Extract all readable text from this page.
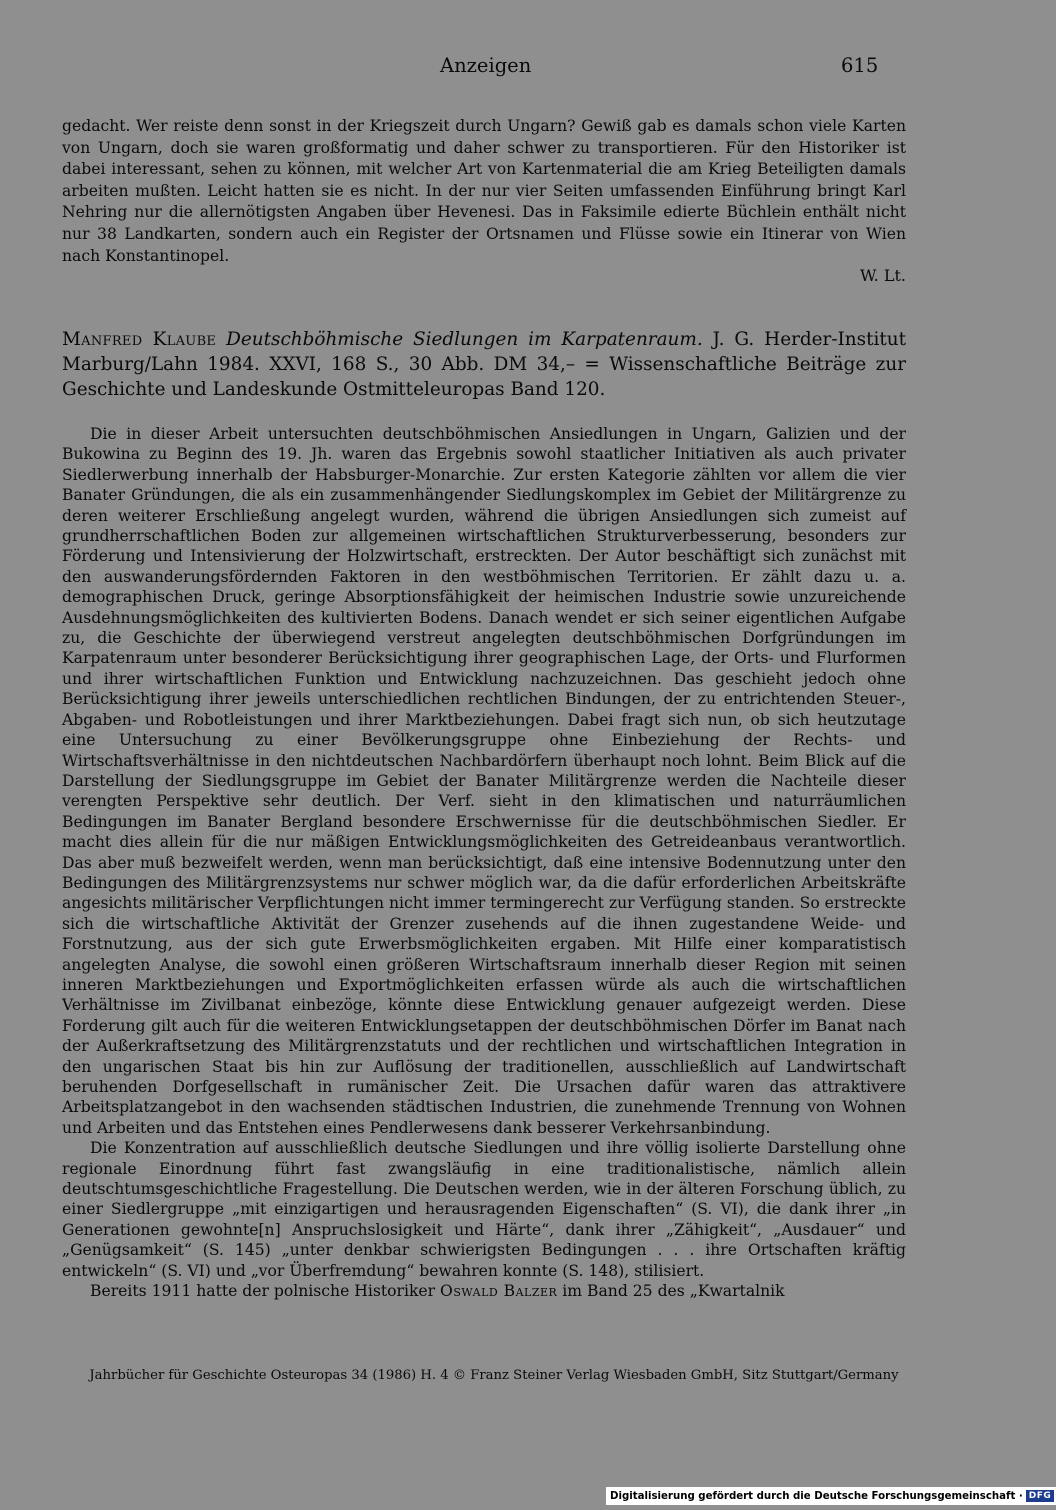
Anzeigen	615

gedacht. Wer reiste denn sonst in der Kriegszeit durch Ungarn? Gewiß gab es damals schon viele Karten von Ungarn, doch sie waren großformatig und daher schwer zu transportieren. Für den Historiker ist dabei interessant, sehen zu können, mit welcher Art von Kartenmaterial die am Krieg Beteiligten damals arbeiten mußten. Leicht hatten sie es nicht. In der nur vier Seiten umfassenden Einführung bringt Karl Nehring nur die allernötigsten Angaben über Hevenesi. Das in Faksimile edierte Büchlein enthält nicht nur 38 Landkarten, sondern auch ein Register der Ortsnamen und Flüsse sowie ein Itinerar von Wien nach Konstantinopel.

W. Lt.
Manfred Klaube Deutschböhmische Siedlungen im Karpatenraum. J. G. Herder-Institut Marburg/Lahn 1984. XXVI, 168 S., 30 Abb. DM 34,– = Wissenschaftliche Beiträge zur Geschichte und Landeskunde Ostmitteleuropas Band 120.

Die in dieser Arbeit untersuchten deutschböhmischen Ansiedlungen in Ungarn, Galizien und der Bukowina zu Beginn des 19. Jh. waren das Ergebnis sowohl staatlicher Initiativen als auch privater Siedlerwerbung innerhalb der Habsburger-Monarchie. Zur ersten Kategorie zählten vor allem die vier Banater Gründungen, die als ein zusammenhängender Siedlungskomplex im Gebiet der Militärgrenze zu deren weiterer Erschließung angelegt wurden, während die übrigen Ansiedlungen sich zumeist auf grundherrschaftlichen Boden zur allgemeinen wirtschaftlichen Strukturverbesserung, besonders zur Förderung und Intensivierung der Holzwirtschaft, erstreckten. Der Autor beschäftigt sich zunächst mit den auswanderungsfördernden Faktoren in den westböhmischen Territorien. Er zählt dazu u. a. demographischen Druck, geringe Absorptionsfähigkeit der heimischen Industrie sowie unzureichende Ausdehnungsmöglichkeiten des kultivierten Bodens. Danach wendet er sich seiner eigentlichen Aufgabe zu, die Geschichte der überwiegend verstreut angelegten deutschböhmischen Dorfgründungen im Karpatenraum unter besonderer Berücksichtigung ihrer geographischen Lage, der Orts- und Flurformen und ihrer wirtschaftlichen Funktion und Entwicklung nachzuzeichnen. Das geschieht jedoch ohne Berücksichtigung ihrer jeweils unterschiedlichen rechtlichen Bindungen, der zu entrichtenden Steuer-, Abgaben- und Robotleistungen und ihrer Marktbeziehungen. Dabei fragt sich nun, ob sich heutzutage eine Untersuchung zu einer Bevölkerungsgruppe ohne Einbeziehung der Rechts- und Wirtschaftsverhältnisse in den nichtdeutschen Nachbardörfern überhaupt noch lohnt. Beim Blick auf die Darstellung der Siedlungsgruppe im Gebiet der Banater Militärgrenze werden die Nachteile dieser verengten Perspektive sehr deutlich. Der Verf. sieht in den klimatischen und naturräumlichen Bedingungen im Banater Bergland besondere Erschwernisse für die deutschböhmischen Siedler. Er macht dies allein für die nur mäßigen Entwicklungsmöglichkeiten des Getreideanbaus verantwortlich. Das aber muß bezweifelt werden, wenn man berücksichtigt, daß eine intensive Bodennutzung unter den Bedingungen des Militärgrenzsystems nur schwer möglich war, da die dafür erforderlichen Arbeitskräfte angesichts militärischer Verpflichtungen nicht immer termingerecht zur Verfügung standen. So erstreckte sich die wirtschaftliche Aktivität der Grenzer zusehends auf die ihnen zugestandene Weide- und Forstnutzung, aus der sich gute Erwerbsmöglichkeiten ergaben. Mit Hilfe einer komparatistisch angelegten Analyse, die sowohl einen größeren Wirtschaftsraum innerhalb dieser Region mit seinen inneren Marktbeziehungen und Exportmöglichkeiten erfassen würde als auch die wirtschaftlichen Verhältnisse im Zivilbanat einbezöge, könnte diese Entwicklung genauer aufgezeigt werden. Diese Forderung gilt auch für die weiteren Entwicklungsetappen der deutschböhmischen Dörfer im Banat nach der Außerkraftsetzung des Militärgrenzstatuts und der rechtlichen und wirtschaftlichen Integration in den ungarischen Staat bis hin zur Auflösung der traditionellen, ausschließlich auf Landwirtschaft beruhenden Dorfgesellschaft in rumänischer Zeit. Die Ursachen dafür waren das attraktivere Arbeitsplatzangebot in den wachsenden städtischen Industrien, die zunehmende Trennung von Wohnen und Arbeiten und das Entstehen eines Pendlerwesens dank besserer Verkehrsanbindung.

Die Konzentration auf ausschließlich deutsche Siedlungen und ihre völlig isolierte Darstellung ohne regionale Einordnung führt fast zwangsläufig in eine traditionalistische, nämlich allein deutschtumsgeschichtliche Fragestellung. Die Deutschen werden, wie in der älteren Forschung üblich, zu einer Siedlergruppe „mit einzigartigen und herausragenden Eigenschaften“ (S. VI), die dank ihrer „in Generationen gewohnte[n] Anspruchslosigkeit und Härte“, dank ihrer „Zähigkeit“, „Ausdauer“ und „Genügsamkeit“ (S. 145) „unter denkbar schwierigsten Bedingungen . . . ihre Ortschaften kräftig entwickeln“ (S. VI) und „vor Überfremdung“ bewahren konnte (S. 148), stilisiert.

Bereits 1911 hatte der polnische Historiker Oswald Balzer im Band 25 des „Kwartalnik

Jahrbücher für Geschichte Osteuropas 34 (1986) H. 4 © Franz Steiner Verlag Wiesbaden GmbH, Sitz Stuttgart/Germany
Digitalisierung gefördert durch die Deutsche Forschungsgemeinschaft · DFG
